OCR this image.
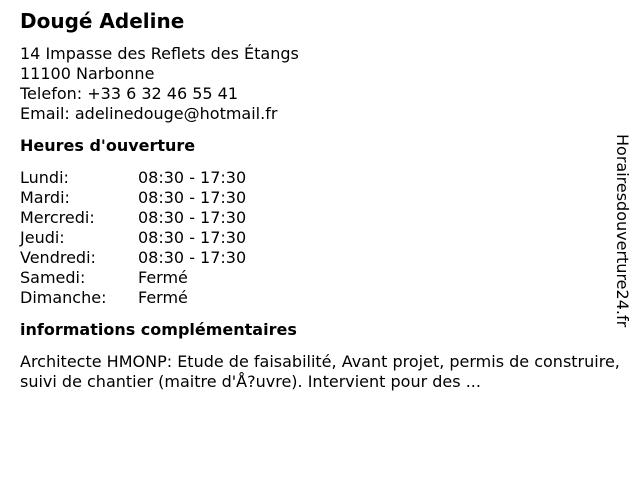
Dougé Adeline
14 Impasse des Reflets des Étangs
11100 Narbonne
Telefon: +33 6 32 46 55 41
Email: adelinedouge@hotmail.fr
Heures d'ouverture
Lundi:	08:30 - 17:30
Mardi:	08:30 - 17:30
Mercredi:	08:30 - 17:30
Jeudi:	08:30 - 17:30
Vendredi:	08:30 - 17:30
Samedi:	Fermé
Dimanche:	Fermé
informations complémentaires
Architecte HMONP: Etude de faisabilité, Avant projet, permis de construire, suivi de chantier (maitre d'Å?uvre). Intervient pour des ...
Horairesdouverture24.fr
